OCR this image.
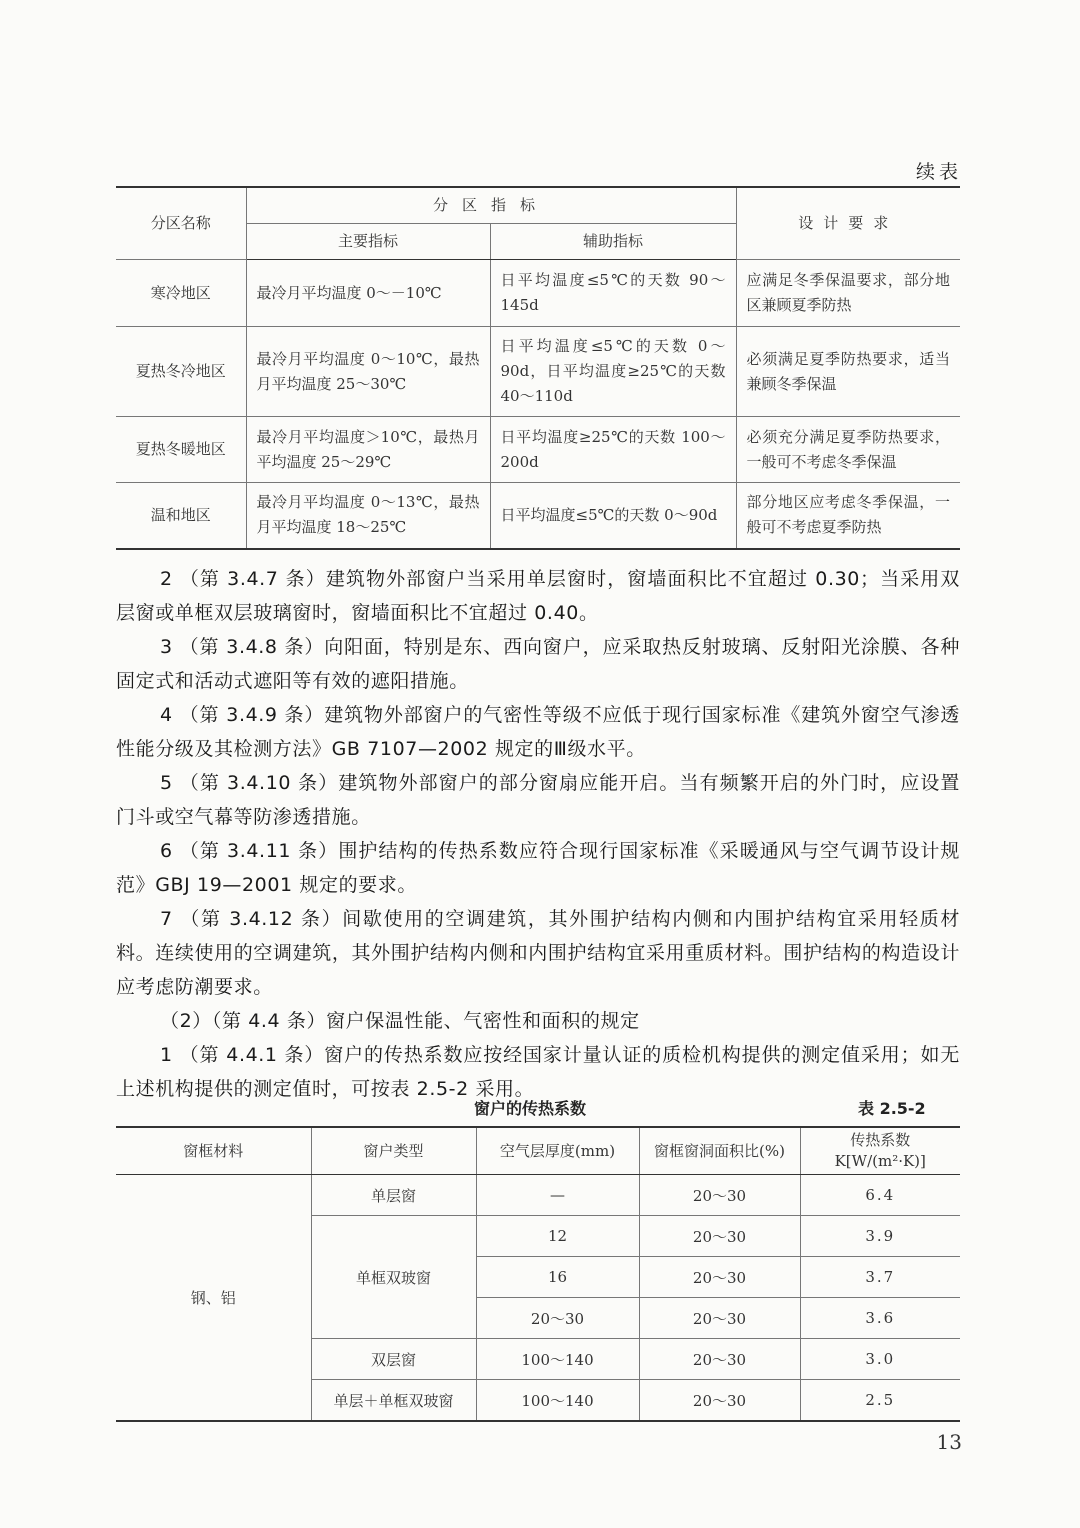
续表
分区名称	分区指标		设计要求
	主要指标	辅助指标	
寒冷地区	最冷月平均温度 0～－10℃	日平均温度≤5℃的天数 90～145d	应满足冬季保温要求，部分地区兼顾夏季防热
夏热冬冷地区	最冷月平均温度 0～10℃，最热月平均温度 25～30℃	日平均温度≤5℃的天数 0～90d，日平均温度≥25℃的天数 40～110d	必须满足夏季防热要求，适当兼顾冬季保温
夏热冬暖地区	最冷月平均温度＞10℃，最热月平均温度 25～29℃	日平均温度≥25℃的天数 100～200d	必须充分满足夏季防热要求，一般可不考虑冬季保温
温和地区	最冷月平均温度 0～13℃，最热月平均温度 18～25℃	日平均温度≤5℃的天数 0～90d	部分地区应考虑冬季保温，一般可不考虑夏季防热

2 （第 3.4.7 条）建筑物外部窗户当采用单层窗时，窗墙面积比不宜超过 0.30；当采用双层窗或单框双层玻璃窗时，窗墙面积比不宜超过 0.40。

3 （第 3.4.8 条）向阳面，特别是东、西向窗户，应采取热反射玻璃、反射阳光涂膜、各种固定式和活动式遮阳等有效的遮阳措施。

4 （第 3.4.9 条）建筑物外部窗户的气密性等级不应低于现行国家标准《建筑外窗空气渗透性能分级及其检测方法》GB 7107—2002 规定的Ⅲ级水平。

5 （第 3.4.10 条）建筑物外部窗户的部分窗扇应能开启。当有频繁开启的外门时，应设置门斗或空气幕等防渗透措施。

6 （第 3.4.11 条）围护结构的传热系数应符合现行国家标准《采暖通风与空气调节设计规范》GBJ 19—2001 规定的要求。

7 （第 3.4.12 条）间歇使用的空调建筑，其外围护结构内侧和内围护结构宜采用轻质材料。连续使用的空调建筑，其外围护结构内侧和内围护结构宜采用重质材料。围护结构的构造设计应考虑防潮要求。

（2）（第 4.4 条）窗户保温性能、气密性和面积的规定

1 （第 4.4.1 条）窗户的传热系数应按经国家计量认证的质检机构提供的测定值采用；如无上述机构提供的测定值时，可按表 2.5-2 采用。

窗户的传热系数	表 2.5-2
窗框材料	窗户类型	空气层厚度(mm)	窗框窗洞面积比(%)	传热系数
K[W/(m²·K)]
钢、铝	单层窗	—	20～30	6.4
	单框双玻窗	12	20～30	3.9
		16	20～30	3.7
		20～30	20～30	3.6
	双层窗	100～140	20～30	3.0
	单层＋单框双玻窗	100～140	20～30	2.5
13
